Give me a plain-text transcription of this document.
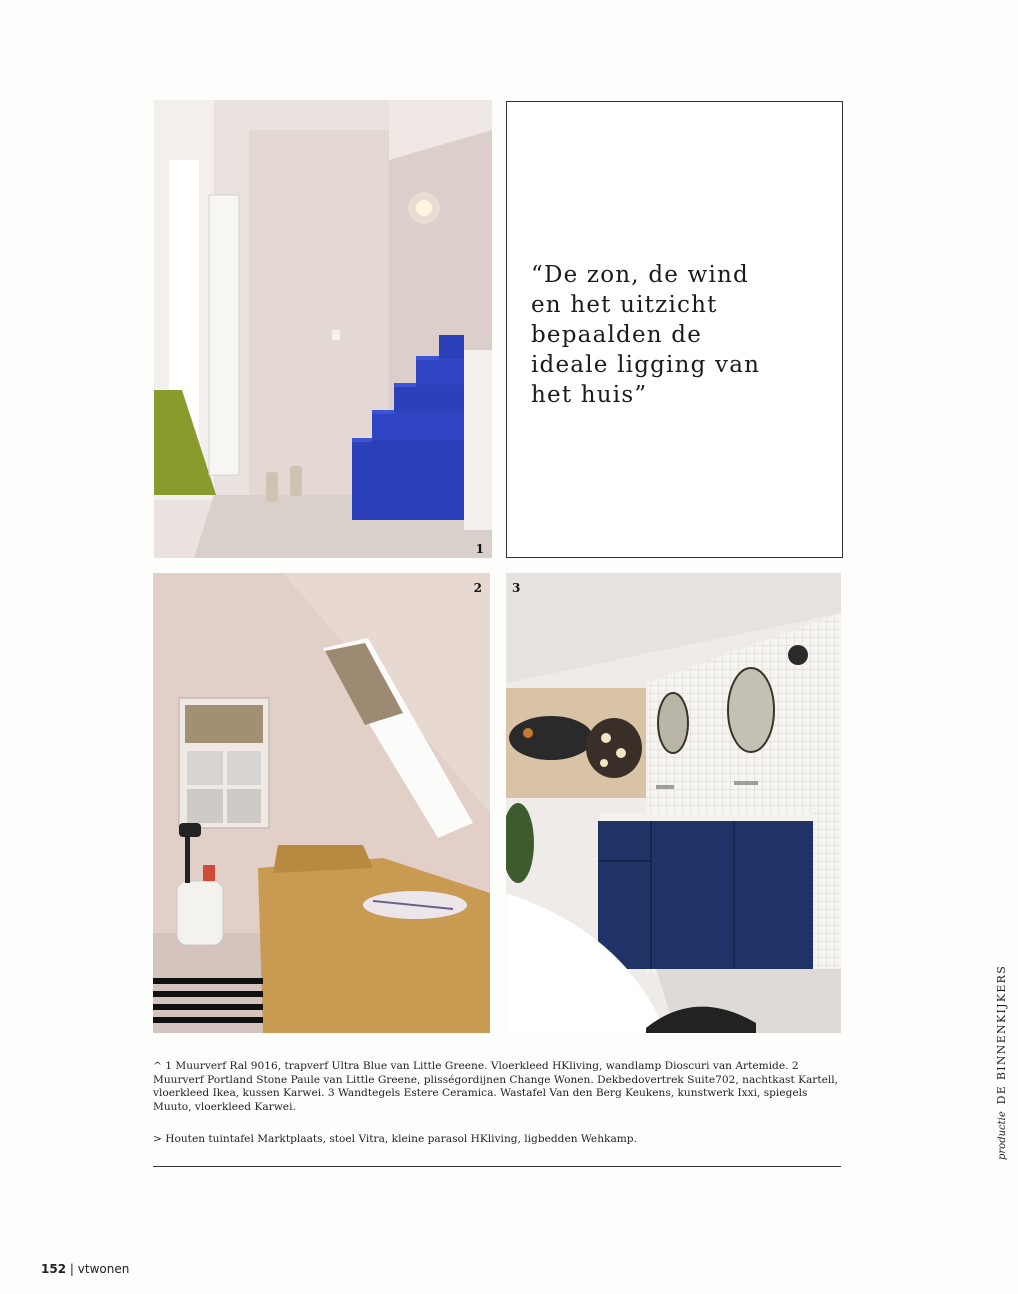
1
“De zon, de wind
en het uitzicht
bepaalden de
ideale ligging van
het huis”
2	3
^ 1 Muurverf Ral 9016, trapverf Ultra Blue van Little Greene. Vloerkleed HKliving, wandlamp Dioscuri van Artemide. 2 Muurverf Portland Stone Paule van Little Greene, plisségordijnen Change Wonen. Dekbedovertrek Suite702, nachtkast Kartell, vloerkleed Ikea, kussen Karwei. 3 Wandtegels Estere Ceramica. Wastafel Van den Berg Keukens, kunstwerk Ixxi, spiegels Muuto, vloerkleed Karwei.
> Houten tuintafel Marktplaats, stoel Vitra, kleine parasol HKliving, ligbedden Wehkamp.	productie DE BINNENKIJKERS
152 | vtwonen
